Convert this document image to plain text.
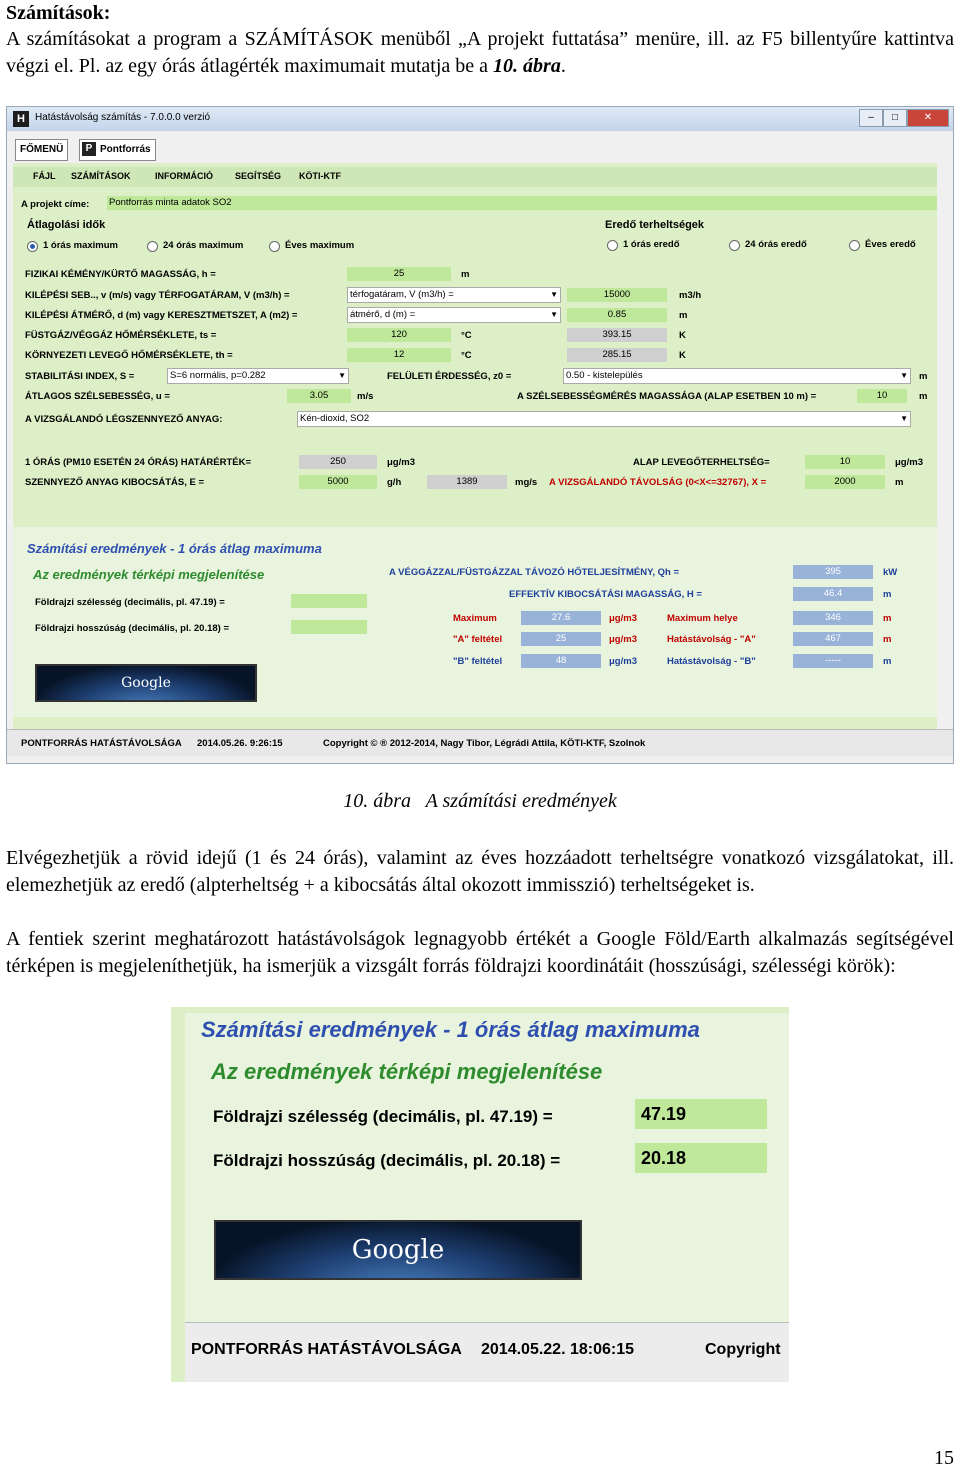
Számítások:
A számításokat a program a SZÁMÍTÁSOK menüből „A projekt futtatása” menüre, ill. az F5 billentyűre kattintva végzi el. Pl. az egy órás átlagérték maximumait mutatja be a 10. ábra.
H	Hatástávolság számítás - 7.0.0.0 verzió	–	□	✕
FŐMENÜ	P Pontforrás
FÁJL SZÁMÍTÁSOK	INFORMÁCIÓ SEGÍTSÉG KÖTI-KTF
A projekt címe: Pontforrás minta adatok SO2
Átlagolási idők
1 órás maximum	24 órás maximum	Éves maximum
Eredő terheltségek
1 órás eredő	24 órás eredő	Éves eredő
FIZIKAI KÉMÉNY/KÜRTŐ MAGASSÁG, h =	25	m
KILÉPÉSI SEB.., v (m/s) vagy TÉRFOGATÁRAM, V (m3/h) =	térfogatáram, V (m3/h) =	▼	15000	m3/h
KILÉPÉSI ÁTMÉRŐ, d (m) vagy KERESZTMETSZET, A (m2) =	átmérő, d (m) =	▼	0.85	m
FÜSTGÁZ/VÉGGÁZ HŐMÉRSÉKLETE, ts =	120	°C	393.15	K
KÖRNYEZETI LEVEGŐ HŐMÉRSÉKLETE, th =	12	°C	285.15	K
STABILITÁSI INDEX, S =	S=6 normális, p=0.282	▼	FELÜLETI ÉRDESSÉG, z0 =	0.50 - kistelepülés	▼ m
ÁTLAGOS SZÉLSEBESSÉG, u =	3.05	m/s	A SZÉLSEBESSÉGMÉRÉS MAGASSÁGA (ALAP ESETBEN 10 m) =	10	m
A VIZSGÁLANDÓ LÉGSZENNYEZŐ ANYAG:	Kén-dioxid, SO2	▼
1 ÓRÁS (PM10 ESETÉN 24 ÓRÁS) HATÁRÉRTÉK=	250	μg/m3	ALAP LEVEGŐTERHELTSÉG=	10	μg/m3
SZENNYEZŐ ANYAG KIBOCSÁTÁS, E =	5000	g/h	1389	mg/s A VIZSGÁLANDÓ TÁVOLSÁG (0<X<=32767), X =	2000	m
Számítási eredmények - 1 órás átlag maximuma
Az eredmények térképi megjelenítése
Földrajzi szélesség (decimális, pl. 47.19) =
Földrajzi hosszúság (decimális, pl. 20.18) =
Google
A VÉGGÁZZAL/FÜSTGÁZZAL TÁVOZÓ HŐTELJESÍTMÉNY, Qh =	395	kW
EFFEKTÍV KIBOCSÁTÁSI MAGASSÁG, H =	46.4	m
Maximum	27.6	μg/m3	Maximum helye	346	m
"A" feltétel	25	μg/m3	Hatástávolság - "A"	467	m
"B" feltétel	48	μg/m3	Hatástávolság - "B"	-----	m
PONTFORRÁS HATÁSTÁVOLSÁGA 2014.05.26. 9:26:15	Copyright © ® 2012-2014, Nagy Tibor, Légrádi Attila, KÖTI-KTF, Szolnok
10. ábra A számítási eredmények
Elvégezhetjük a rövid idejű (1 és 24 órás), valamint az éves hozzáadott terheltségre vonatkozó vizsgálatokat, ill. elemezhetjük az eredő (alpterheltség + a kibocsátás által okozott immisszió) terheltségeket is.
A fentiek szerint meghatározott hatástávolságok legnagyobb értékét a Google Föld/Earth alkalmazás segítségével térképen is megjeleníthetjük, ha ismerjük a vizsgált forrás földrajzi koordinátáit (hosszúsági, szélességi körök):
Számítási eredmények - 1 órás átlag maximuma
Az eredmények térképi megjelenítése
Földrajzi szélesség (decimális, pl. 47.19) =	47.19
Földrajzi hosszúság (decimális, pl. 20.18) =	20.18
Google
PONTFORRÁS HATÁSTÁVOLSÁGA 2014.05.22. 18:06:15	Copyright
15
